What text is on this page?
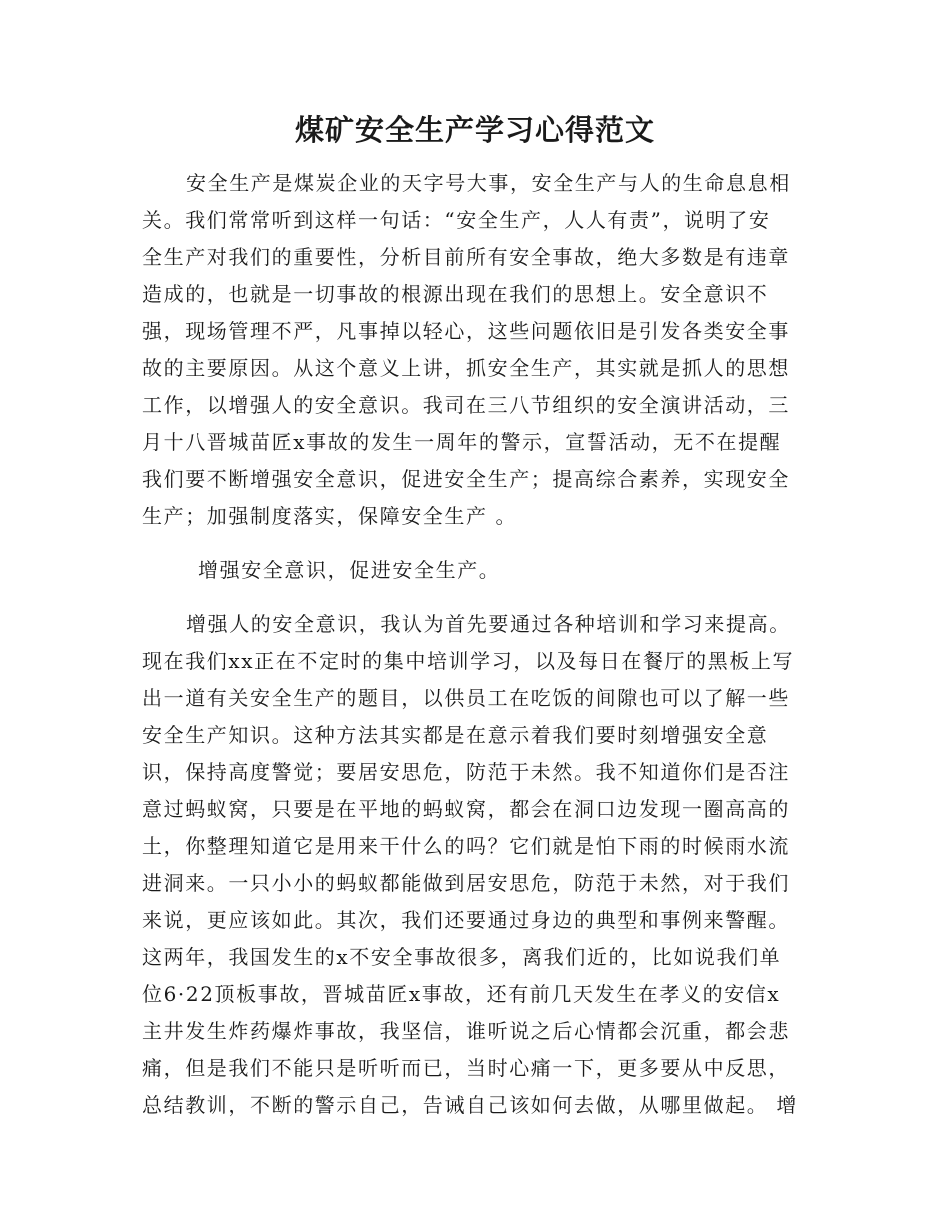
煤矿安全生产学习心得范文
安全生产是煤炭企业的天字号大事，安全生产与人的生命息息相
关。我们常常听到这样一句话：“安全生产，人人有责”，说明了安
全生产对我们的重要性，分析目前所有安全事故，绝大多数是有违章
造成的，也就是一切事故的根源出现在我们的思想上。安全意识不
强，现场管理不严，凡事掉以轻心，这些问题依旧是引发各类安全事
故的主要原因。从这个意义上讲，抓安全生产，其实就是抓人的思想
工作，以增强人的安全意识。我司在三八节组织的安全演讲活动，三
月十八晋城苗匠x事故的发生一周年的警示，宣誓活动，无不在提醒
我们要不断增强安全意识，促进安全生产；提高综合素养，实现安全
生产；加强制度落实，保障安全生产 。
增强安全意识，促进安全生产。
增强人的安全意识，我认为首先要通过各种培训和学习来提高。
现在我们xx正在不定时的集中培训学习，以及每日在餐厅的黑板上写
出一道有关安全生产的题目，以供员工在吃饭的间隙也可以了解一些
安全生产知识。这种方法其实都是在意示着我们要时刻增强安全意
识，保持高度警觉；要居安思危，防范于未然。我不知道你们是否注
意过蚂蚁窝，只要是在平地的蚂蚁窝，都会在洞口边发现一圈高高的
土，你整理知道它是用来干什么的吗？它们就是怕下雨的时候雨水流
进洞来。一只小小的蚂蚁都能做到居安思危，防范于未然，对于我们
来说，更应该如此。其次，我们还要通过身边的典型和事例来警醒。
这两年，我国发生的x不安全事故很多，离我们近的，比如说我们单
位6·22顶板事故，晋城苗匠x事故，还有前几天发生在孝义的安信x
主井发生炸药爆炸事故，我坚信，谁听说之后心情都会沉重，都会悲
痛，但是我们不能只是听听而已，当时心痛一下，更多要从中反思，
总结教训，不断的警示自己，告诫自己该如何去做，从哪里做起。 增
